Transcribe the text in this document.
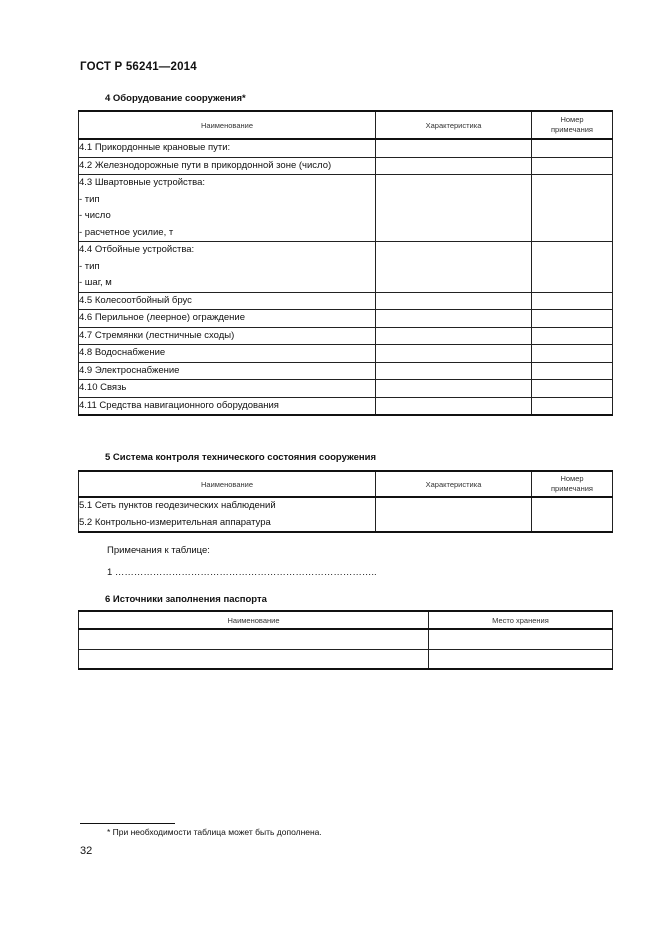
ГОСТ Р 56241—2014
4 Оборудование сооружения*
Наименование	Характеристика	Номер
примечания

4.1 Прикордонные крановые пути:		

4.2 Железнодорожные пути в прикордонной зоне (число)		

4.3 Швартовные устройства:
- тип
- число
- расчетное усилие, т		

4.4 Отбойные устройства:
- тип
- шаг, м		

4.5 Колесоотбойный брус		

4.6 Перильное (леерное) ограждение		

4.7 Стремянки (лестничные сходы)		

4.8 Водоснабжение		

4.9 Электроснабжение		

4.10 Связь		

4.11 Средства навигационного оборудования		

5 Система контроля технического состояния сооружения
Наименование	Характеристика	Номер
примечания

5.1 Сеть пунктов геодезических наблюдений
5.2 Контрольно-измерительная аппаратура		

Примечания к таблице:
1 ………………………………………………………………………..
6 Источники заполнения паспорта
Наименование	Место хранения

* При необходимости таблица может быть дополнена.
32
